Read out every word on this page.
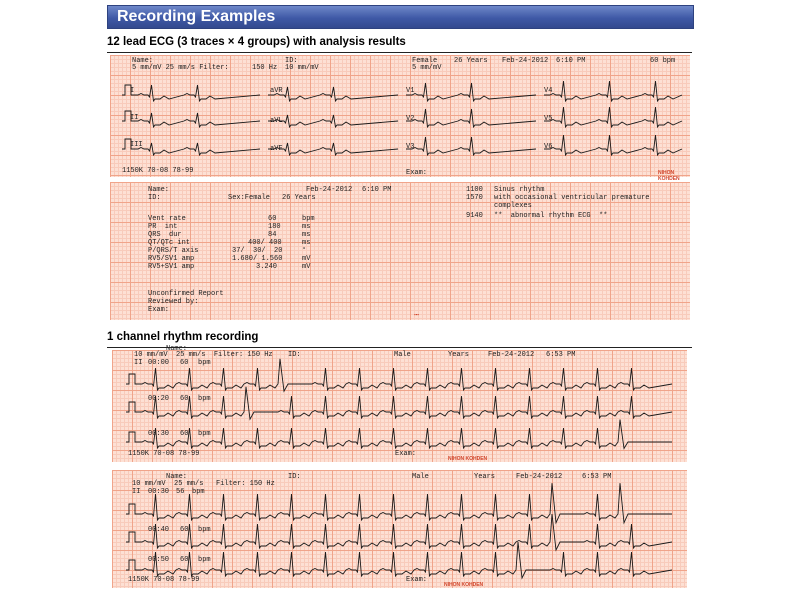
Recording Examples
12 lead ECG (3 traces × 4 groups) with analysis results
Name:
5 mm/mV 25 mm/s Filter:	150 Hz
ID:
10 mm/mV
Female
5 mm/mV
26 Years Feb-24-2012 6:10 PM	60 bpm
I
II
III
aVR
aVL
aVF
V1
V2
V3
V4
V5
V6
1150K 70-08 78-99	Exam:	NIHON KOHDEN
Name:
ID:	Sex:Female 26 Years
Feb-24-2012 6:10 PM
Vent rate	60	bpm
PR  int	180	ms
QRS  dur	84	ms
QT/QTc int	400/ 400	ms
P/QRS/T axis	37/  30/  20	°
RV5/SV1 amp	1.680/ 1.560	mV
RV5+SV1 amp	3.240	mV
Unconfirmed Report
Reviewed by:
Exam:
1100 Sinus rhythm
1570 with occasional ventricular premature
complexes
9140 **  abnormal rhythm ECG  **
▪▪▪
1 channel rhythm recording
10 mm/mV  25 mm/s  Filter: 150 Hz
Name:
ID:	Male	Years	Feb-24-2012 6:53 PM
II 00:00 60 bpm
00:20 60 bpm
00:30 60 bpm
1150K 70-08 78-99	Exam:
NIHON KOHDEN
10 mm/mV  25 mm/s   Filter: 150 Hz
Name:	ID:	Male	Years	Feb-24-2012	6:53 PM
II 00:30 56 bpm
00:40 60 bpm
00:50 60 bpm
1150K 70-08 78-99	Exam:
NIHON KOHDEN
